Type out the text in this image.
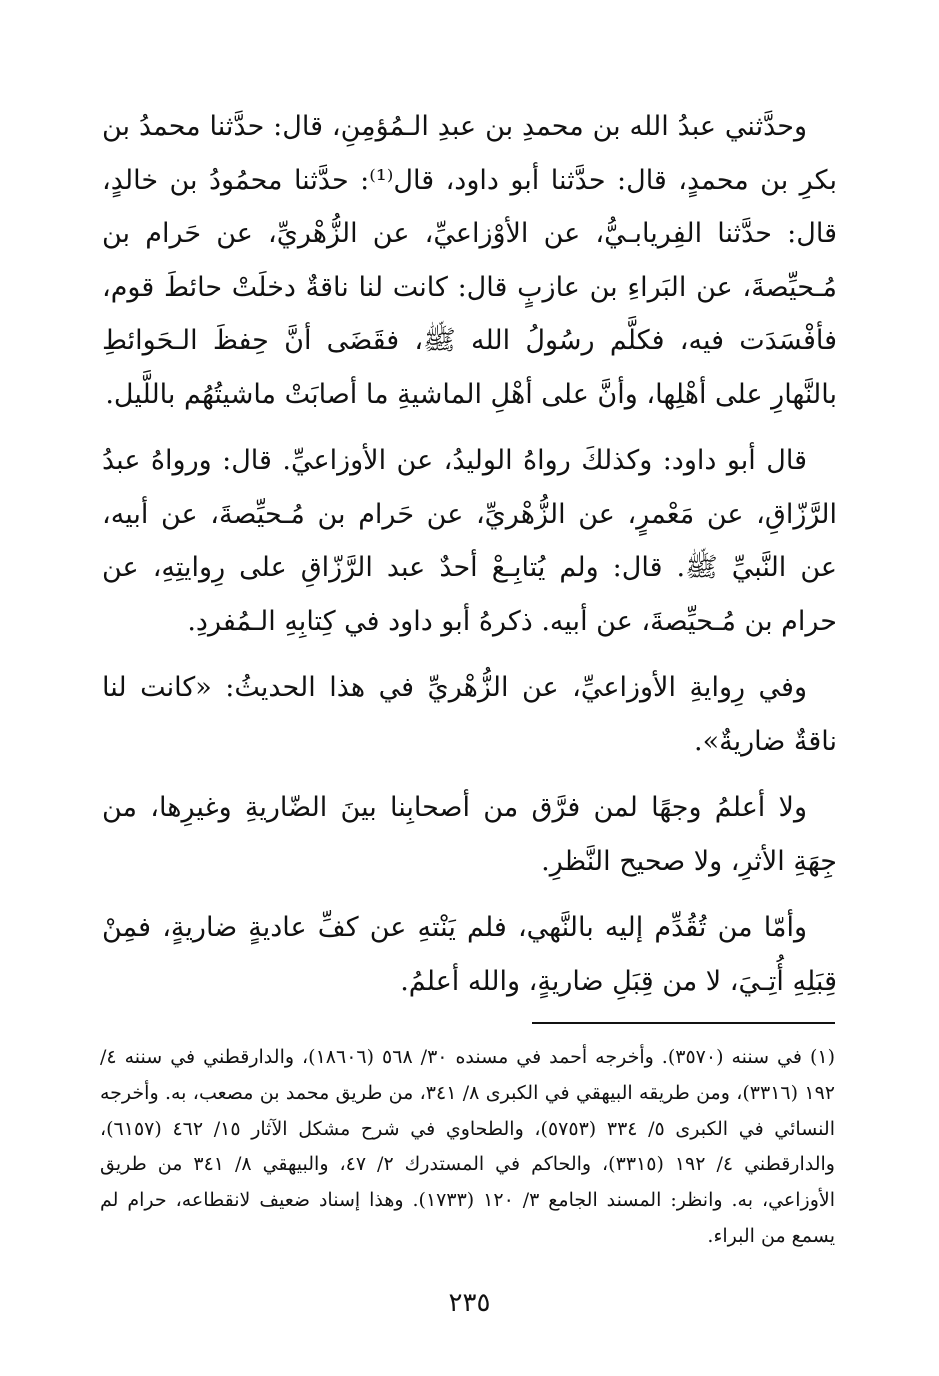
وحدَّثني عبدُ الله بن محمدِ بن عبدِ الـمُؤمِنِ، قال: حدَّثنا محمدُ بن بكرِ بن محمدٍ، قال: حدَّثنا أبو داود، قال⁽¹⁾: حدَّثنا محمُودُ بن خالدٍ، قال: حدَّثنا الفِريابـيُّ، عن الأوْزاعيِّ، عن الزُّهْريِّ، عن حَرام بن مُـحيِّصةَ، عن البَراءِ بن عازبٍ قال: كانت لنا ناقةٌ دخلَتْ حائطَ قوم، فأفْسَدَت فيه، فكلَّم رسُولُ الله ﷺ، فقَضَى أنَّ حِفظَ الـحَوائطِ بالنَّهارِ على أهْلِها، وأنَّ على أهْلِ الماشيةِ ما أصابَتْ ماشيتُهُم باللَّيل.

قال أبو داود: وكذلكَ رواهُ الوليدُ، عن الأوزاعيِّ. قال: ورواهُ عبدُ الرَّزّاقِ، عن مَعْمرٍ، عن الزُّهْريِّ، عن حَرام بن مُـحيِّصةَ، عن أبيه، عن النَّبيِّ ﷺ. قال: ولم يُتابِـعْ أحدٌ عبد الرَّزّاقِ على رِوايتِهِ، عن حرام بن مُـحيِّصةَ، عن أبيه. ذكرهُ أبو داود في كِتابِهِ الـمُفردِ.

وفي رِوايةِ الأوزاعيِّ، عن الزُّهْريِّ في هذا الحديثُ: «كانت لنا ناقةٌ ضاريةٌ».

ولا أعلمُ وجهًا لمن فرَّق من أصحابِنا بينَ الضّاريةِ وغيرِها، من جِهَةِ الأثرِ، ولا صحيح النَّظرِ.

وأمّا من تُقُدِّم إليه بالنَّهي، فلم يَنْتهِ عن كفِّ عاديةٍ ضاريةٍ، فمِنْ قِبَلِهِ أُتِـيَ، لا من قِبَلِ ضاريةٍ، والله أعلمُ.

(١) في سننه (٣٥٧٠). وأخرجه أحمد في مسنده ٣٠/ ٥٦٨ (١٨٦٠٦)، والدارقطني في سننه ٤/ ١٩٢ (٣٣١٦)، ومن طريقه البيهقي في الكبرى ٨/ ٣٤١، من طريق محمد بن مصعب، به. وأخرجه النسائي في الكبرى ٥/ ٣٣٤ (٥٧٥٣)، والطحاوي في شرح مشكل الآثار ١٥/ ٤٦٢ (٦١٥٧)، والدارقطني ٤/ ١٩٢ (٣٣١٥)، والحاكم في المستدرك ٢/ ٤٧، والبيهقي ٨/ ٣٤١ من طريق الأوزاعي، به. وانظر: المسند الجامع ٣/ ١٢٠ (١٧٣٣). وهذا إسناد ضعيف لانقطاعه، حرام لم يسمع من البراء.

٢٣٥
